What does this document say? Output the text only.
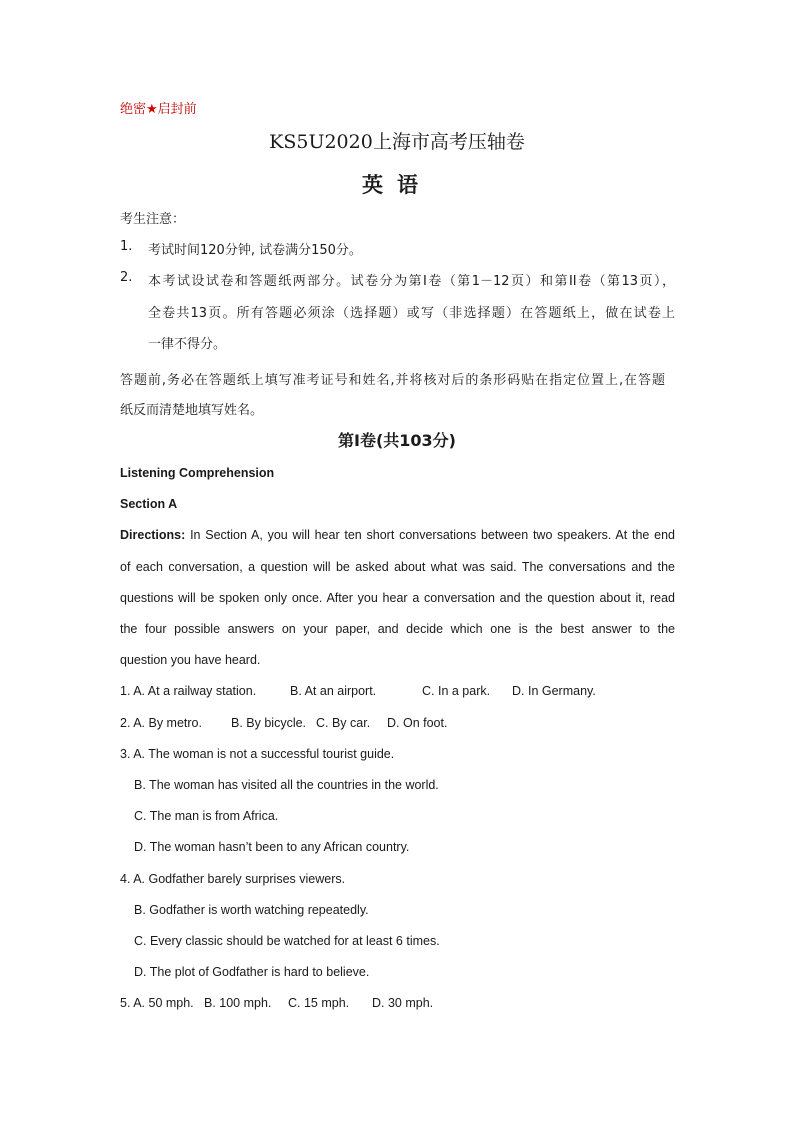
绝密★启封前
KS5U2020上海市高考压轴卷
英语
考生注意：
1. 考试时间120分钟, 试卷满分150分。
2. 本考试设试卷和答题纸两部分。试卷分为第I卷（第1－12页）和第II卷（第13页），
全卷共13页。所有答题必须涂（选择题）或写（非选择题）在答题纸上，做在试卷上
一律不得分。
答题前,务必在答题纸上填写准考证号和姓名,并将核对后的条形码贴在指定位置上,在答题
纸反而清楚地填写姓名。
第I卷(共103分)
Listening Comprehension
Section A
Directions: In Section A, you will hear ten short conversations between two speakers. At the end
of each conversation, a question will be asked about what was said. The conversations and the
questions will be spoken only once. After you hear a conversation and the question about it, read
the four possible answers on your paper, and decide which one is the best answer to the
question you have heard.
1. A. At a railway station.	B. At an airport.	C. In a park. D. In Germany.
2. A. By metro. B. By bicycle. C. By car. D. On foot.
3. A. The woman is not a successful tourist guide.
B. The woman has visited all the countries in the world.
C. The man is from Africa.
D. The woman hasn’t been to any African country.
4. A. Godfather barely surprises viewers.
B. Godfather is worth watching repeatedly.
C. Every classic should be watched for at least 6 times.
D. The plot of Godfather is hard to believe.
5. A. 50 mph. B. 100 mph. C. 15 mph. D. 30 mph.
